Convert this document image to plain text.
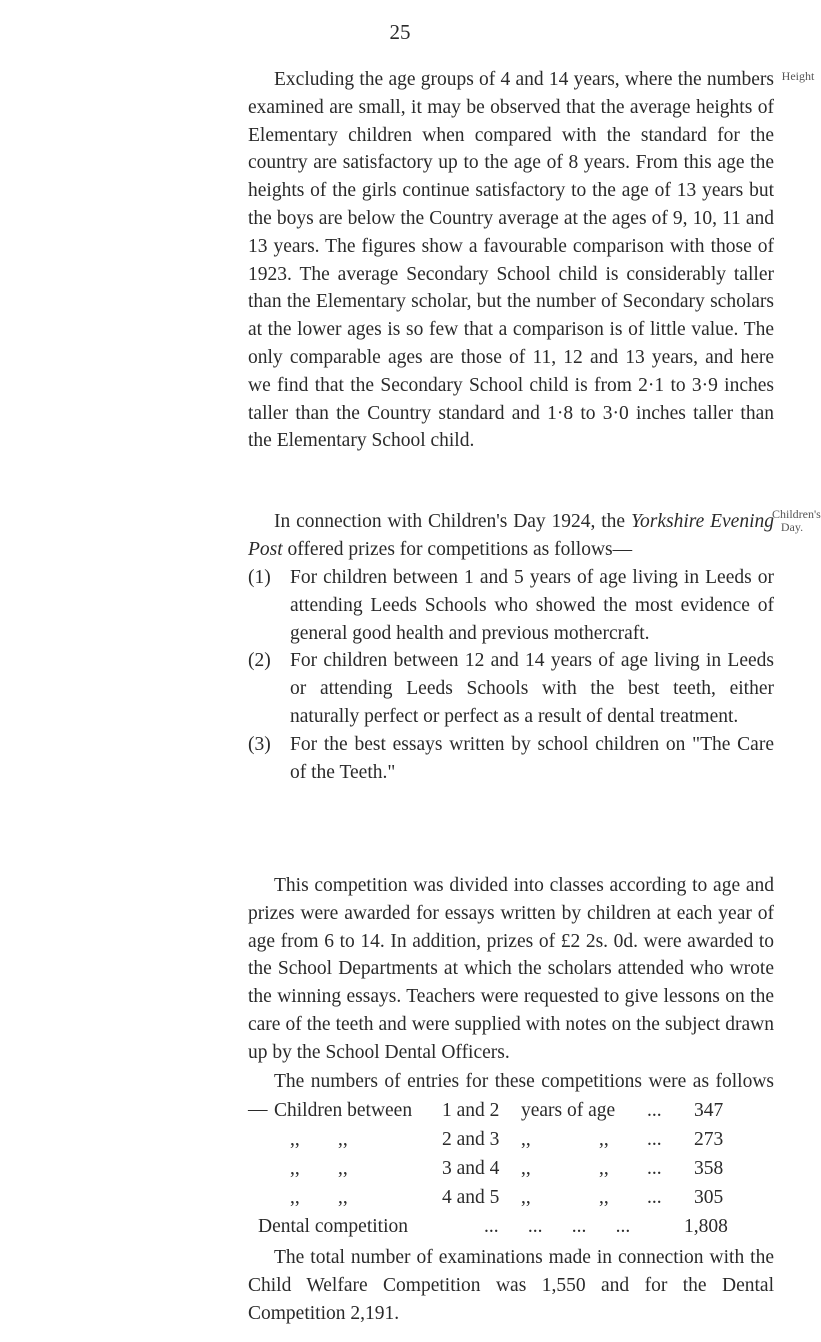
25
Height

Excluding the age groups of 4 and 14 years, where the numbers examined are small, it may be observed that the average heights of Elementary children when compared with the standard for the country are satisfactory up to the age of 8 years. From this age the heights of the girls continue satisfactory to the age of 13 years but the boys are below the Country average at the ages of 9, 10, 11 and 13 years. The figures show a favourable comparison with those of 1923. The average Secondary School child is considerably taller than the Elementary scholar, but the number of Secondary scholars at the lower ages is so few that a comparison is of little value. The only comparable ages are those of 11, 12 and 13 years, and here we find that the Secondary School child is from 2·1 to 3·9 inches taller than the Country standard and 1·8 to 3·0 inches taller than the Elementary School child.

Children's
Day.

In connection with Children's Day 1924, the Yorkshire Evening Post offered prizes for competitions as follows—

(1) For children between 1 and 5 years of age living in Leeds or attending Leeds Schools who showed the most evidence of general good health and previous mothercraft.
(2) For children between 12 and 14 years of age living in Leeds or attending Leeds Schools with the best teeth, either naturally perfect or perfect as a result of dental treatment.
(3) For the best essays written by school children on "The Care of the Teeth."

This competition was divided into classes according to age and prizes were awarded for essays written by children at each year of age from 6 to 14. In addition, prizes of £2 2s. 0d. were awarded to the School Departments at which the scholars attended who wrote the winning essays. Teachers were requested to give lessons on the care of the teeth and were supplied with notes on the subject drawn up by the School Dental Officers.

The numbers of entries for these competitions were as follows— Children between 1 and 2 years of age ... 347
,, ,,	2 and 3 ,,	,, ... 273
,, ,,	3 and 4 ,,	,, ... 358
,, ,,	4 and 5 ,,	,, ... 305
Dental competition	...      ...      ...      ...	1,808

The total number of examinations made in connection with the Child Welfare Competition was 1,550 and for the Dental Competition 2,191.
